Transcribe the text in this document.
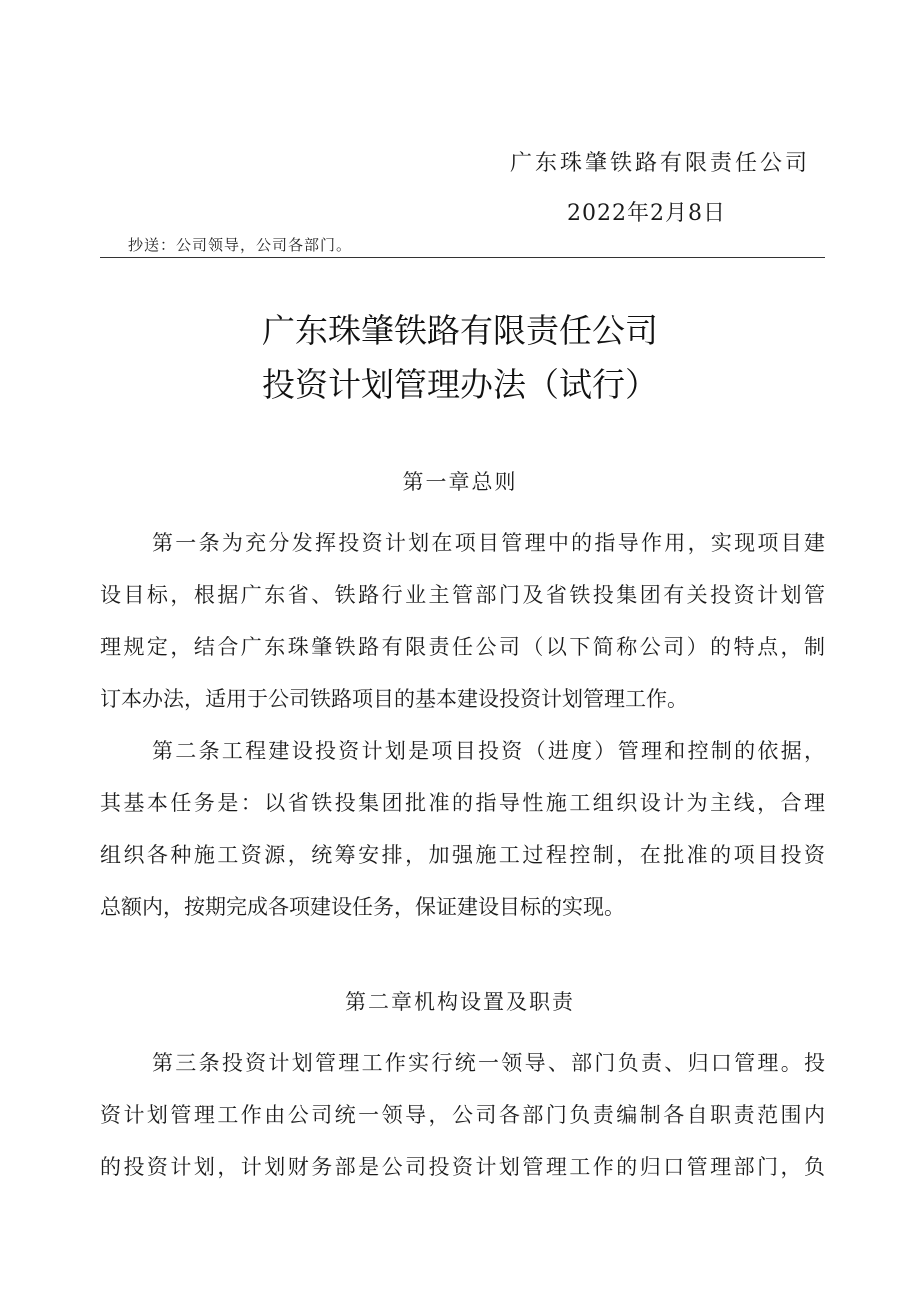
广东珠肇铁路有限责任公司
2022年2月8日
抄送：公司领导，公司各部门。
广东珠肇铁路有限责任公司
投资计划管理办法（试行）
第一章总则
第一条为充分发挥投资计划在项目管理中的指导作用，实现项目建
设目标，根据广东省、铁路行业主管部门及省铁投集团有关投资计划管
理规定，结合广东珠肇铁路有限责任公司（以下简称公司）的特点，制
订本办法，适用于公司铁路项目的基本建设投资计划管理工作。
第二条工程建设投资计划是项目投资（进度）管理和控制的依据，
其基本任务是：以省铁投集团批准的指导性施工组织设计为主线，合理
组织各种施工资源，统筹安排，加强施工过程控制，在批准的项目投资
总额内，按期完成各项建设任务，保证建设目标的实现。
第二章机构设置及职责
第三条投资计划管理工作实行统一领导、部门负责、归口管理。投
资计划管理工作由公司统一领导，公司各部门负责编制各自职责范围内
的投资计划，计划财务部是公司投资计划管理工作的归口管理部门，负
